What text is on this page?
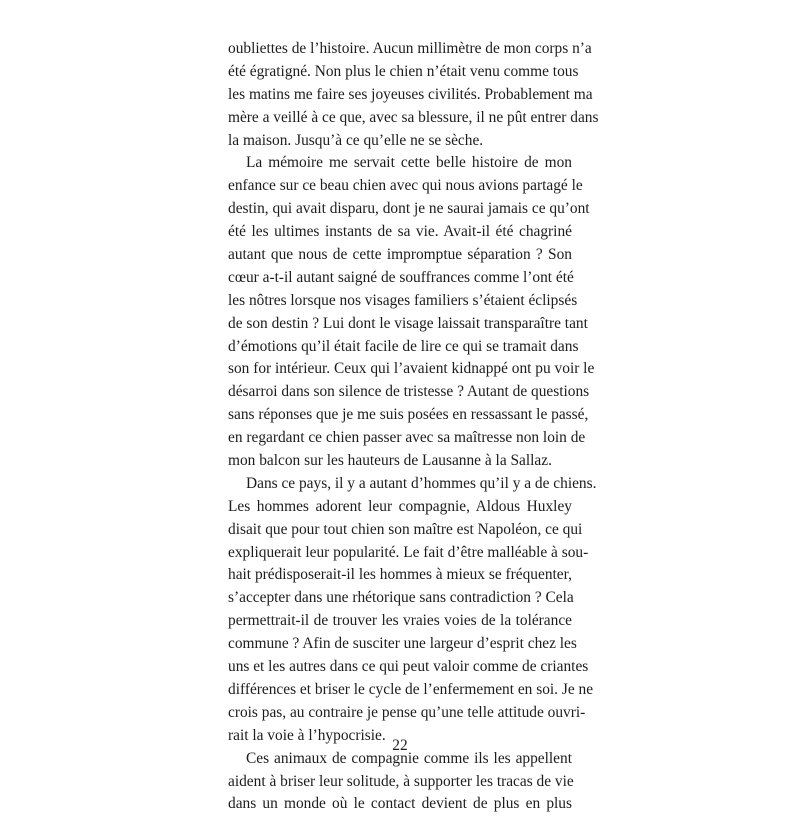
oubliettes de l’histoire. Aucun millimètre de mon corps n’a
été égratigné. Non plus le chien n’était venu comme tous
les matins me faire ses joyeuses civilités. Probablement ma
mère a veillé à ce que, avec sa blessure, il ne pût entrer dans
la maison. Jusqu’à ce qu’elle ne se sèche.
La mémoire me servait cette belle histoire de mon
enfance sur ce beau chien avec qui nous avions partagé le
destin, qui avait disparu, dont je ne saurai jamais ce qu’ont
été les ultimes instants de sa vie. Avait-il été chagriné
autant que nous de cette impromptue séparation ? Son
cœur a-t-il autant saigné de souffrances comme l’ont été
les nôtres lorsque nos visages familiers s’étaient éclipsés
de son destin ? Lui dont le visage laissait transparaître tant
d’émotions qu’il était facile de lire ce qui se tramait dans
son for intérieur. Ceux qui l’avaient kidnappé ont pu voir le
désarroi dans son silence de tristesse ? Autant de questions
sans réponses que je me suis posées en ressassant le passé,
en regardant ce chien passer avec sa maîtresse non loin de
mon balcon sur les hauteurs de Lausanne à la Sallaz.
Dans ce pays, il y a autant d’hommes qu’il y a de chiens.
Les hommes adorent leur compagnie, Aldous Huxley
disait que pour tout chien son maître est Napoléon, ce qui
expliquerait leur popularité. Le fait d’être malléable à sou-
hait prédisposerait-il les hommes à mieux se fréquenter,
s’accepter dans une rhétorique sans contradiction ? Cela
permettrait-il de trouver les vraies voies de la tolérance
commune ? Afin de susciter une largeur d’esprit chez les
uns et les autres dans ce qui peut valoir comme de criantes
différences et briser le cycle de l’enfermement en soi. Je ne
crois pas, au contraire je pense qu’une telle attitude ouvri-
rait la voie à l’hypocrisie.
Ces animaux de compagnie comme ils les appellent
aident à briser leur solitude, à supporter les tracas de vie
dans un monde où le contact devient de plus en plus
22
